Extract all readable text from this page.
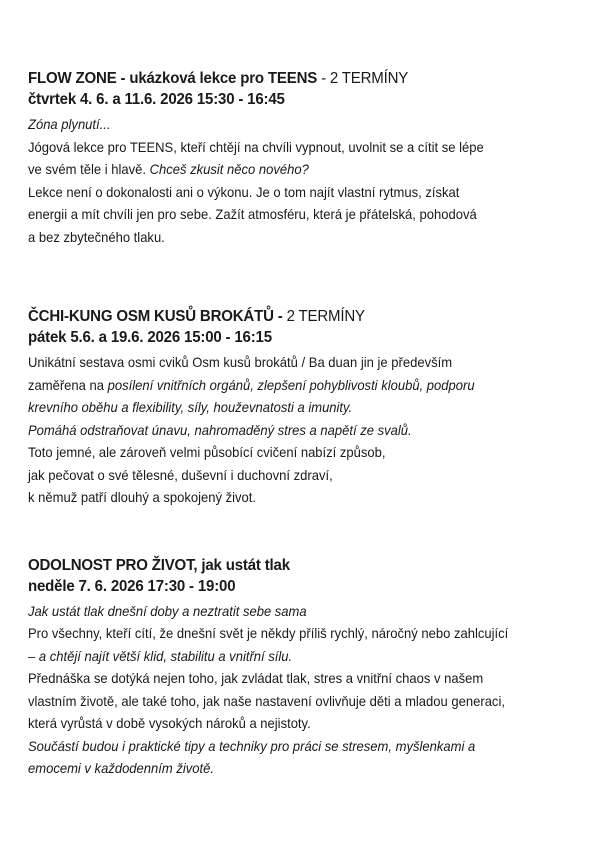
FLOW ZONE - ukázková lekce pro TEENS - 2 TERMÍNY
čtvrtek 4. 6. a 11.6. 2026 15:30 - 16:45
Zóna plynutí...
Jógová lekce pro TEENS, kteří chtějí na chvíli vypnout, uvolnit se a cítit se lépe
ve svém těle i hlavě. Chceš zkusit něco nového?
Lekce není o dokonalosti ani o výkonu. Je o tom najít vlastní rytmus, získat
energii a mít chvíli jen pro sebe. Zažít atmosféru, která je přátelská, pohodová
a bez zbytečného tlaku.
ČCHI-KUNG OSM KUSŮ BROKÁTŮ - 2 TERMÍNY
pátek 5.6. a 19.6. 2026 15:00 - 16:15
Unikátní sestava osmi cviků Osm kusů brokátů / Ba duan jin je především
zaměřena na posílení vnitřních orgánů, zlepšení pohyblivosti kloubů, podporu
krevního oběhu a flexibility, síly, houževnatosti a imunity.
Pomáhá odstraňovat únavu, nahromaděný stres a napětí ze svalů.
Toto jemné, ale zároveň velmi působící cvičení nabízí způsob,
jak pečovat o své tělesné, duševní i duchovní zdraví,
k němuž patří dlouhý a spokojený život.
ODOLNOST PRO ŽIVOT, jak ustát tlak
neděle 7. 6. 2026 17:30 - 19:00
Jak ustát tlak dnešní doby a neztratit sebe sama
Pro všechny, kteří cítí, že dnešní svět je někdy příliš rychlý, náročný nebo zahlcující
– a chtějí najít větší klid, stabilitu a vnitřní sílu.
Přednáška se dotýká nejen toho, jak zvládat tlak, stres a vnitřní chaos v našem
vlastním životě, ale také toho, jak naše nastavení ovlivňuje děti a mladou generaci,
která vyrůstá v době vysokých nároků a nejistoty.
Součástí budou i praktické tipy a techniky pro práci se stresem, myšlenkami a
emocemi v každodenním životě.
